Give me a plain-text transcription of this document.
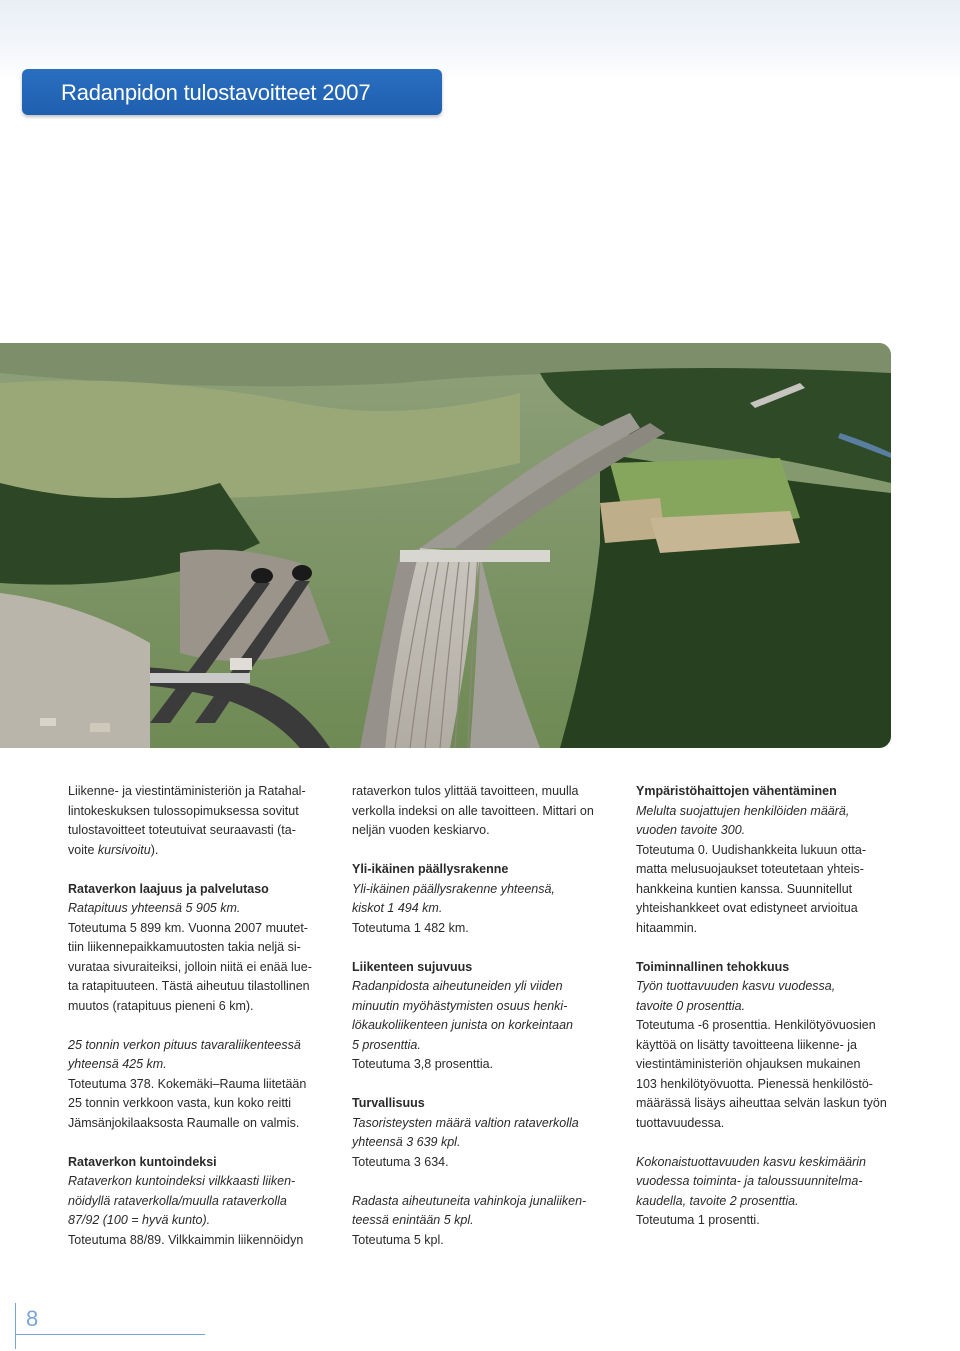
Radanpidon tulostavoitteet 2007

Liikenne- ja viestintäministeriön ja Ratahal-

lintokeskuksen tulossopimuksessa sovitut

tulostavoitteet toteutuivat seuraavasti (ta-

voite kursivoitu).

Rataverkon laajuus ja palvelutaso

Ratapituus yhteensä 5 905 km.

Toteutuma 5 899 km. Vuonna 2007 muutet-

tiin liikennepaikkamuutosten takia neljä si-

vurataa sivuraiteiksi, jolloin niitä ei enää lue-

ta ratapituuteen. Tästä aiheutuu tilastollinen

muutos (ratapituus pieneni 6 km).

25 tonnin verkon pituus tavaraliikenteessä

yhteensä 425 km.

Toteutuma 378. Kokemäki–Rauma liitetään

25 tonnin verkkoon vasta, kun koko reitti

Jämsänjokilaaksosta Raumalle on valmis.

Rataverkon kuntoindeksi

Rataverkon kuntoindeksi vilkkaasti liiken-

nöidyllä rataverkolla/muulla rataverkolla

87/92 (100 = hyvä kunto).

Toteutuma 88/89. Vilkkaimmin liikennöidyn

rataverkon tulos ylittää tavoitteen, muulla

verkolla indeksi on alle tavoitteen. Mittari on

neljän vuoden keskiarvo.

Yli-ikäinen päällysrakenne

Yli-ikäinen päällysrakenne yhteensä,

kiskot 1 494 km.

Toteutuma 1 482 km.

Liikenteen sujuvuus

Radanpidosta aiheutuneiden yli viiden

minuutin myöhästymisten osuus henki-

lökaukoliikenteen junista on korkeintaan

5 prosenttia.

Toteutuma 3,8 prosenttia.

Turvallisuus

Tasoristeysten määrä valtion rataverkolla

yhteensä 3 639 kpl.

Toteutuma 3 634.

Radasta aiheutuneita vahinkoja junaliiken-

teessä enintään 5 kpl.

Toteutuma 5 kpl.

Ympäristöhaittojen vähentäminen

Melulta suojattujen henkilöiden määrä,

vuoden tavoite 300.

Toteutuma 0. Uudishankkeita lukuun otta-

matta melusuojaukset toteutetaan yhteis-

hankkeina kuntien kanssa. Suunnitellut

yhteishankkeet ovat edistyneet arvioitua

hitaammin.

Toiminnallinen tehokkuus

Työn tuottavuuden kasvu vuodessa,

tavoite 0 prosenttia.

Toteutuma -6 prosenttia. Henkilötyövuosien

käyttöä on lisätty tavoitteena liikenne- ja

viestintäministeriön ohjauksen mukainen

103 henkilötyövuotta. Pienessä henkilöstö-

määrässä lisäys aiheuttaa selvän laskun työn

tuottavuudessa.

Kokonaistuottavuuden kasvu keskimäärin

vuodessa toiminta- ja taloussuunnitelma-

kaudella, tavoite 2 prosenttia.

Toteutuma 1 prosentti.

8
